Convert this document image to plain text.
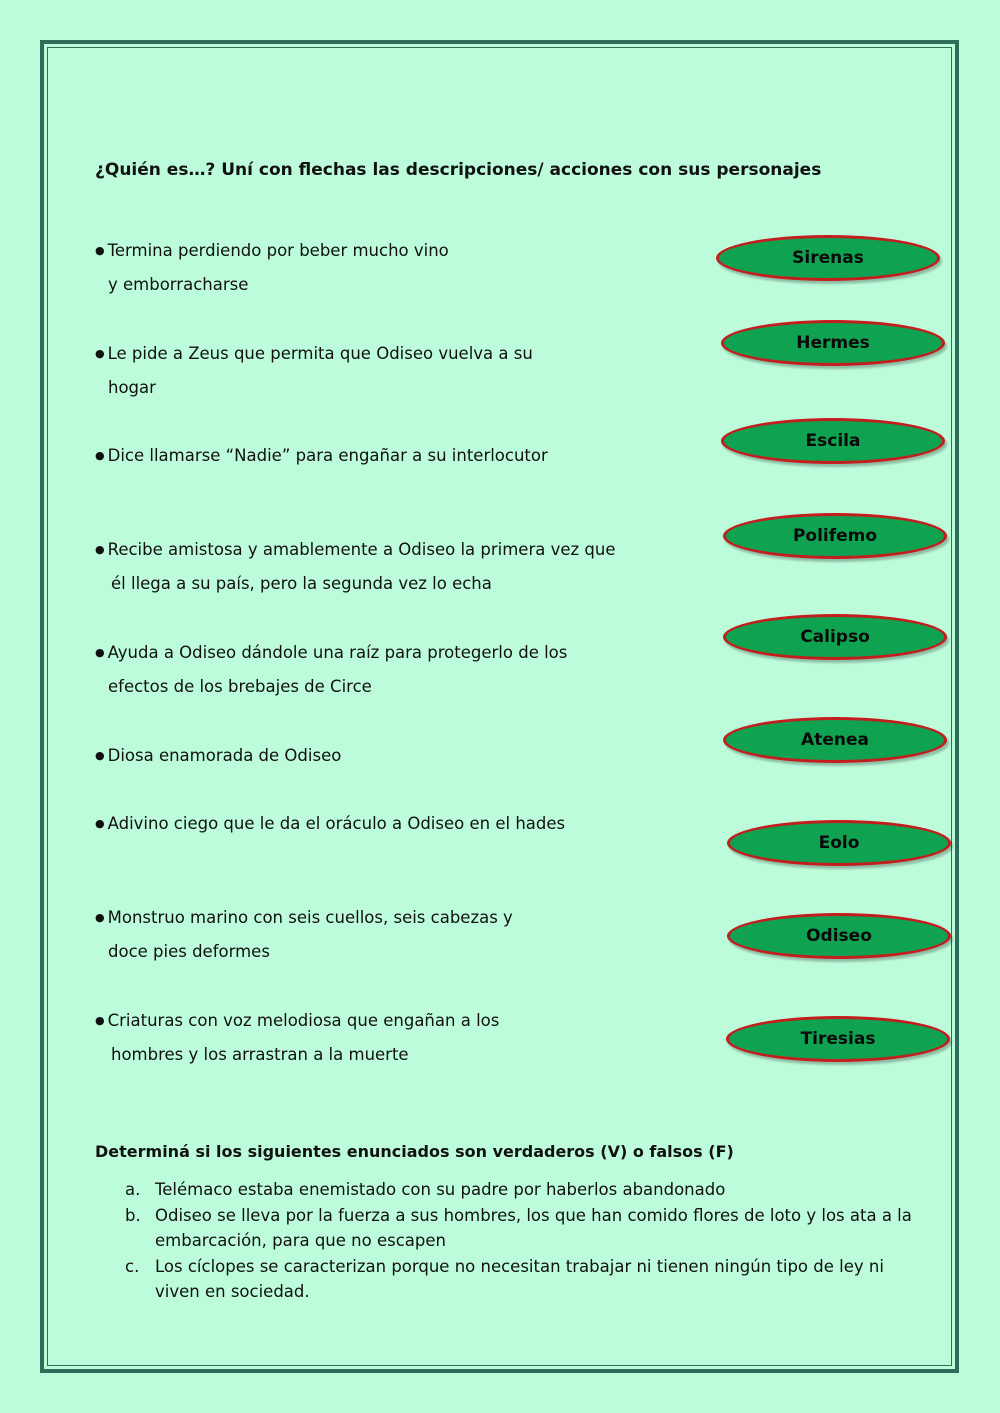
¿Quién es…? Uní con flechas las descripciones/ acciones con sus personajes
● Termina perdiendo por beber mucho vino
y emborracharse
● Le pide a Zeus que permita que Odiseo vuelva a su
hogar
● Dice llamarse “Nadie” para engañar a su interlocutor
● Recibe amistosa y amablemente a Odiseo la primera vez que
él llega a su país, pero la segunda vez lo echa
● Ayuda a Odiseo dándole una raíz para protegerlo de los
efectos de los brebajes de Circe
● Diosa enamorada de Odiseo
● Adivino ciego que le da el oráculo a Odiseo en el hades
● Monstruo marino con seis cuellos, seis cabezas y
doce pies deformes
● Criaturas con voz melodiosa que engañan a los
hombres y los arrastran a la muerte
Sirenas
Hermes
Escila
Polifemo
Calipso
Atenea
Eolo
Odiseo
Tiresias
Determiná si los siguientes enunciados son verdaderos (V) o falsos (F)
a. Telémaco estaba enemistado con su padre por haberlos abandonado
b. Odiseo se lleva por la fuerza a sus hombres, los que han comido flores de loto y los ata a la embarcación, para que no escapen
c. Los cíclopes se caracterizan porque no necesitan trabajar ni tienen ningún tipo de ley ni viven en sociedad.
